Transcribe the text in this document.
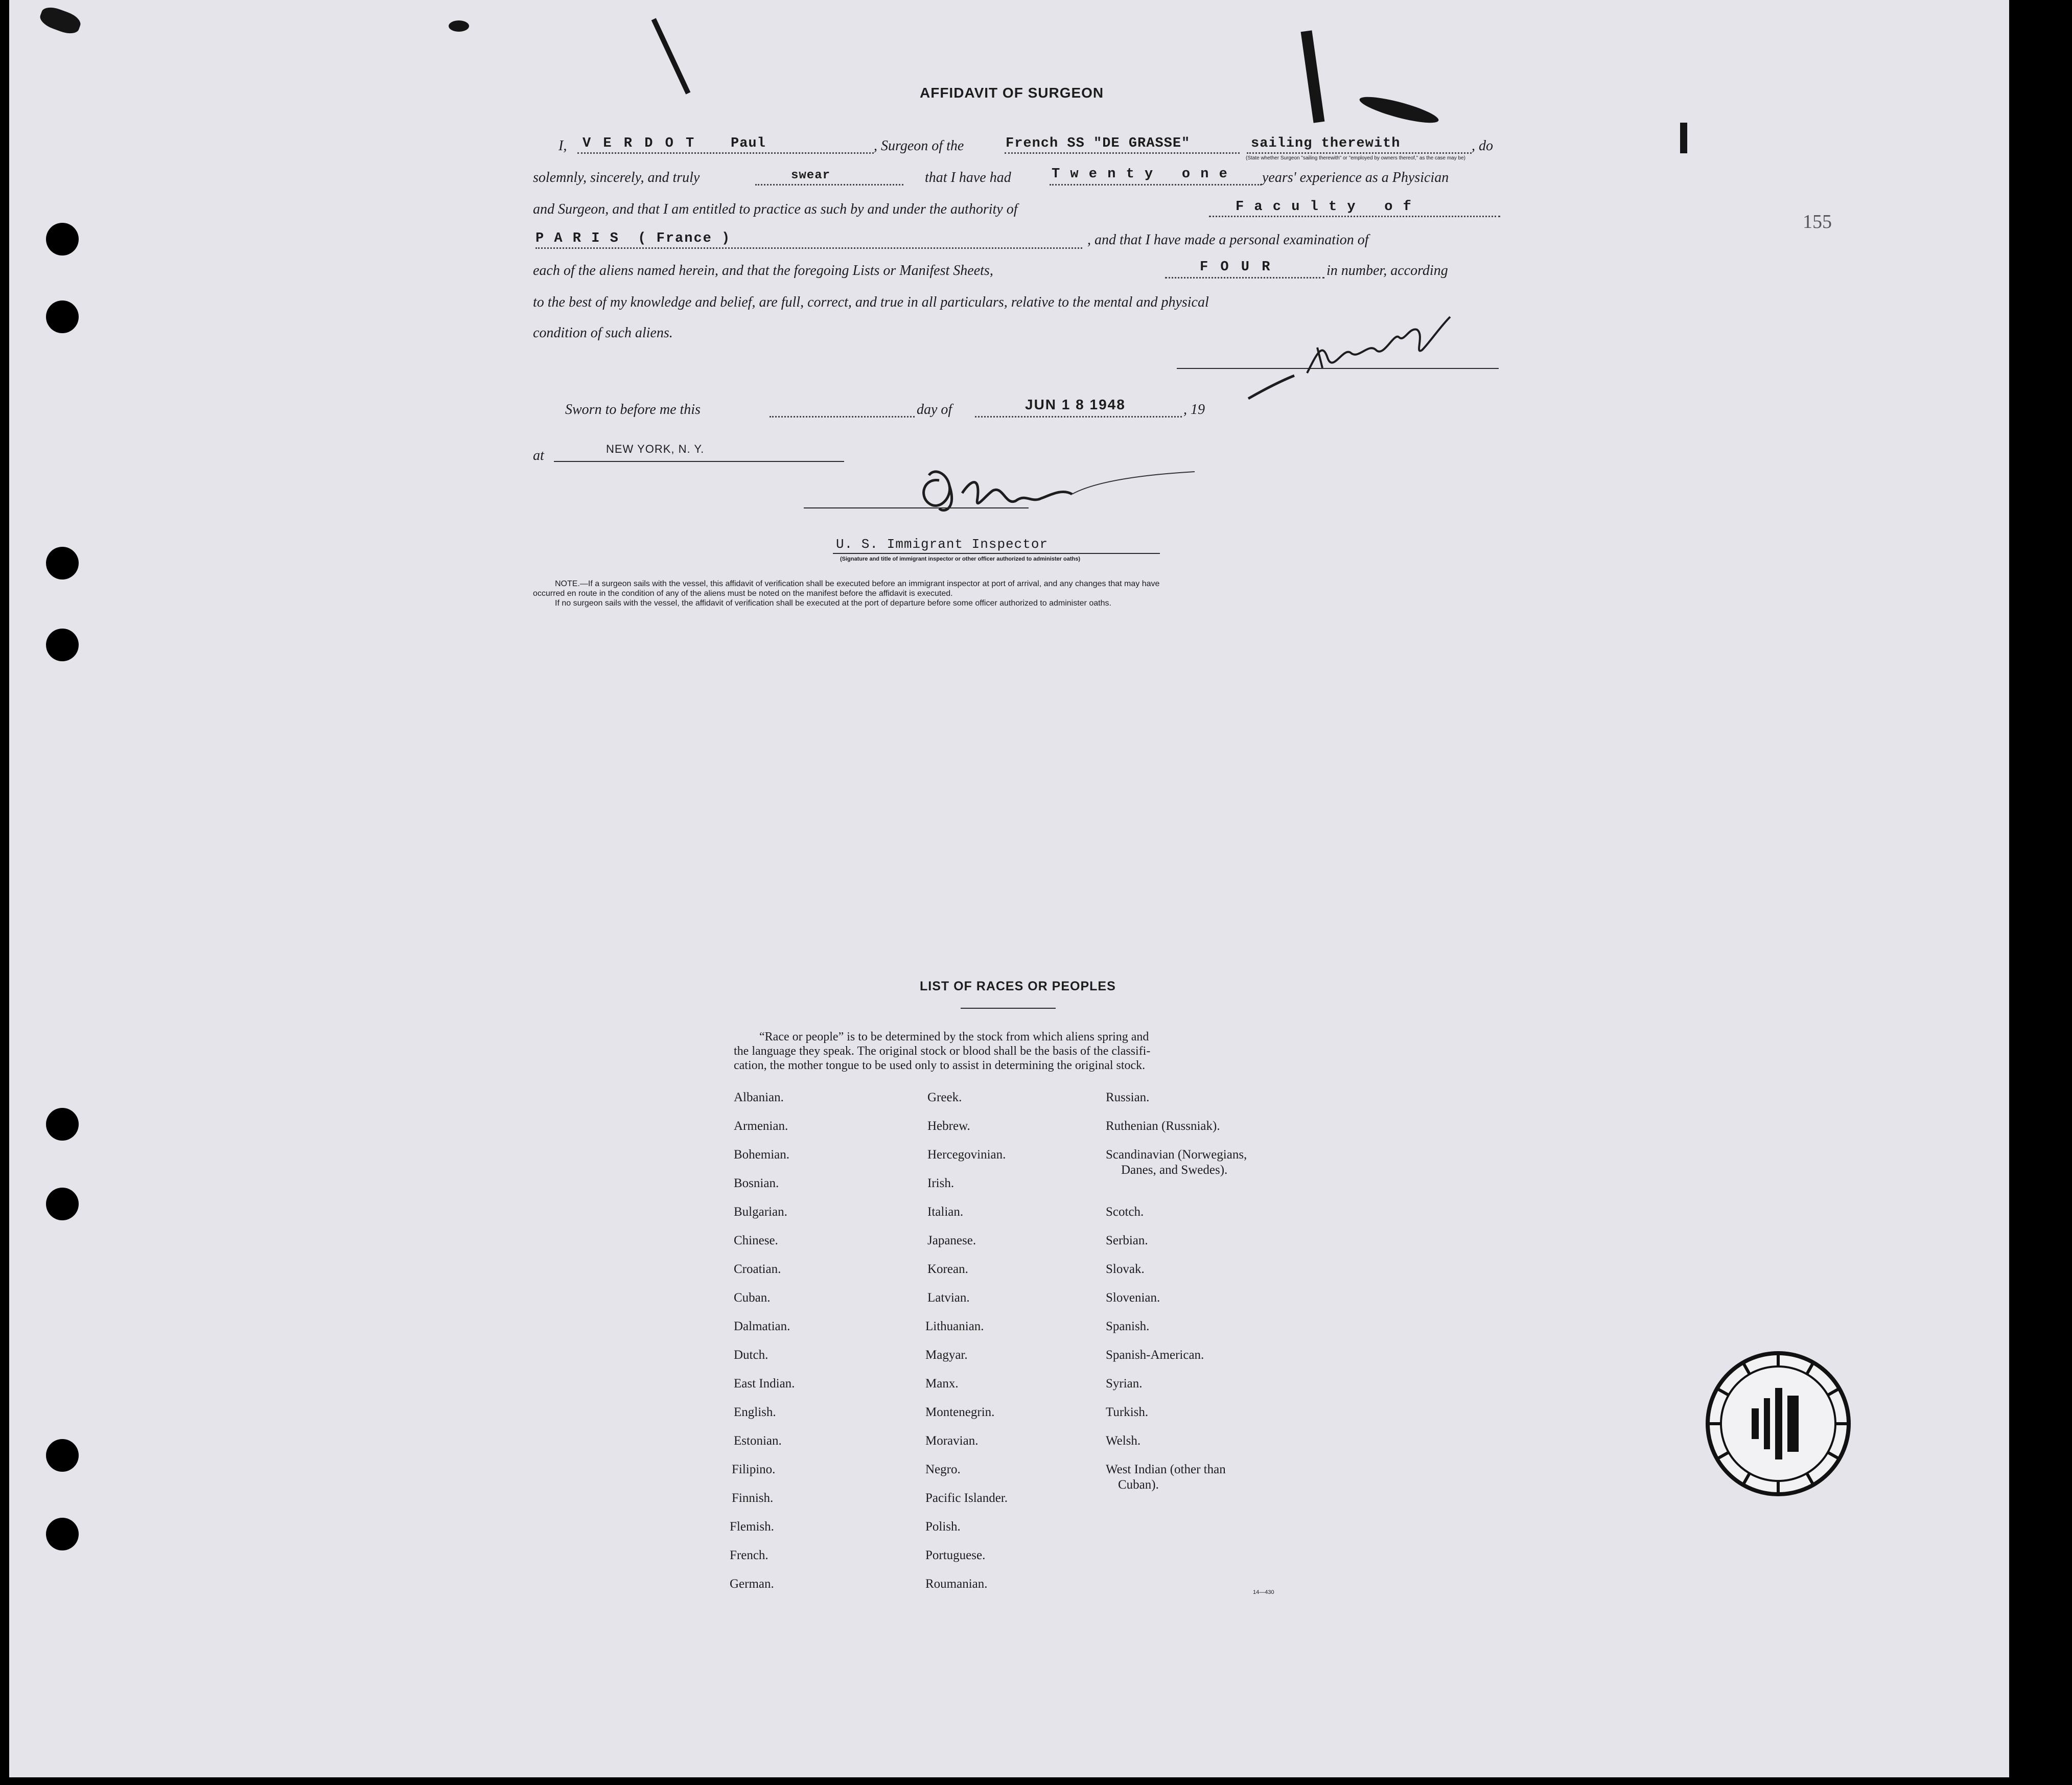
155
AFFIDAVIT OF SURGEON
I, V E R D O T	Paul	, Surgeon of the	French SS "DE GRASSE"	sailing therewith
(State whether Surgeon "sailing therewith" or "employed by owners thereof," as the case may be)
, do
solemnly, sincerely, and truly	swear	that I have had	T w e n t y   o n e years' experience as a Physician
and Surgeon, and that I am entitled to practice as such by and under the authority of	F a c u l t y   o f
P A R I S  ( France )	, and that I have made a personal examination of
each of the aliens named herein, and that the foregoing Lists or Manifest Sheets,	F O U R	in number, according
to the best of my knowledge and belief, are full, correct, and true in all particulars, relative to the mental and physical
condition of such aliens.
Sworn to before me this	day of	JUN 1 8 1948	, 19
at	NEW YORK, N. Y.
U. S. Immigrant Inspector
(Signature and title of immigrant inspector or other officer authorized to administer oaths)
NOTE.—If a surgeon sails with the vessel, this affidavit of verification shall be executed before an immigrant inspector at port of arrival, and any changes that may have
occurred en route in the condition of any of the aliens must be noted on the manifest before the affidavit is executed.
If no surgeon sails with the vessel, the affidavit of verification shall be executed at the port of departure before some officer authorized to administer oaths.
LIST OF RACES OR PEOPLES
“Race or people” is to be determined by the stock from which aliens spring and
the language they speak. The original stock or blood shall be the basis of the classifi-
cation, the mother tongue to be used only to assist in determining the original stock.
Albanian.
Armenian.
Bohemian.
Bosnian.
Bulgarian.
Chinese.
Croatian.
Cuban.
Dalmatian.
Dutch.
East Indian.
English.
Estonian.
Filipino.
Finnish.
Flemish.
French.
German.
Greek.
Hebrew.
Hercegovinian.
Irish.
Italian.
Japanese.
Korean.
Latvian.
Lithuanian.
Magyar.
Manx.
Montenegrin.
Moravian.
Negro.
Pacific Islander.
Polish.
Portuguese.
Roumanian.
Russian.
Ruthenian (Russniak).
Scandinavian (Norwegians,
Danes, and Swedes).
Scotch.
Serbian.
Slovak.
Slovenian.
Spanish.
Spanish-American.
Syrian.
Turkish.
Welsh.
West Indian (other than
Cuban).
14—430
